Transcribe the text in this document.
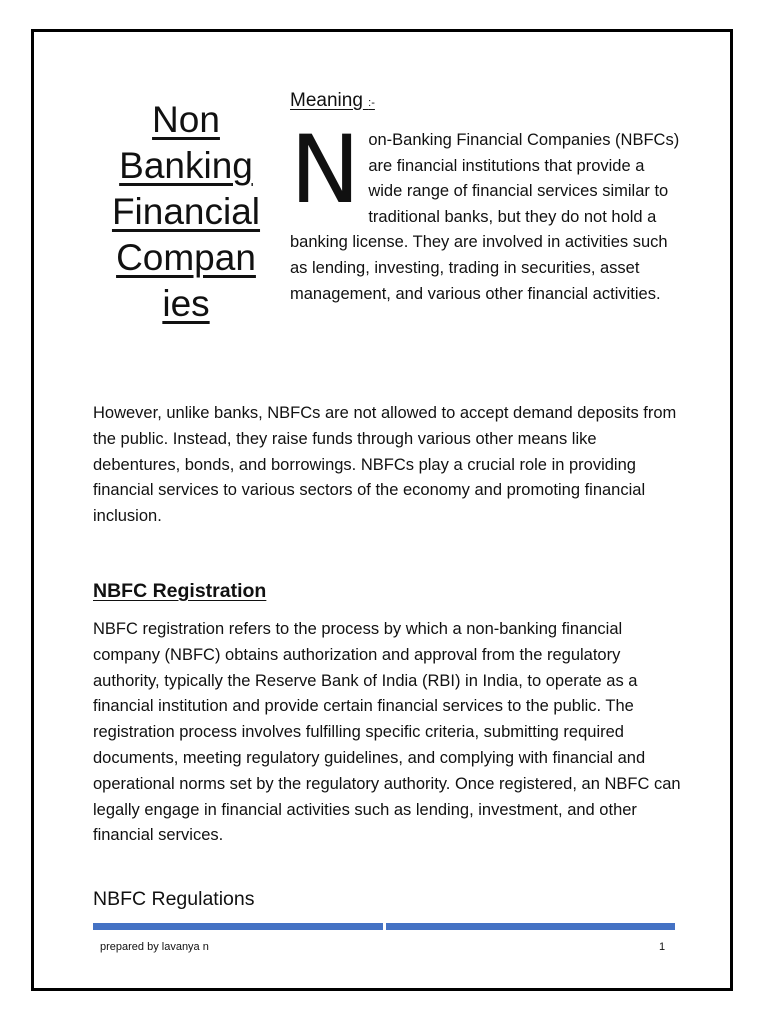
Non
Banking
Financial
Compan
ies
Meaning :-
Non-Banking Financial Companies (NBFCs) are financial institutions that provide a wide range of financial services similar to traditional banks, but they do not hold a banking license. They are involved in activities such as lending, investing, trading in securities, asset management, and various other financial activities.
However, unlike banks, NBFCs are not allowed to accept demand deposits from the public. Instead, they raise funds through various other means like debentures, bonds, and borrowings. NBFCs play a crucial role in providing financial services to various sectors of the economy and promoting financial inclusion.
NBFC Registration
NBFC registration refers to the process by which a non-banking financial company (NBFC) obtains authorization and approval from the regulatory authority, typically the Reserve Bank of India (RBI) in India, to operate as a financial institution and provide certain financial services to the public. The registration process involves fulfilling specific criteria, submitting required documents, meeting regulatory guidelines, and complying with financial and operational norms set by the regulatory authority. Once registered, an NBFC can legally engage in financial activities such as lending, investment, and other financial services.
NBFC Regulations
prepared by lavanya n	1
